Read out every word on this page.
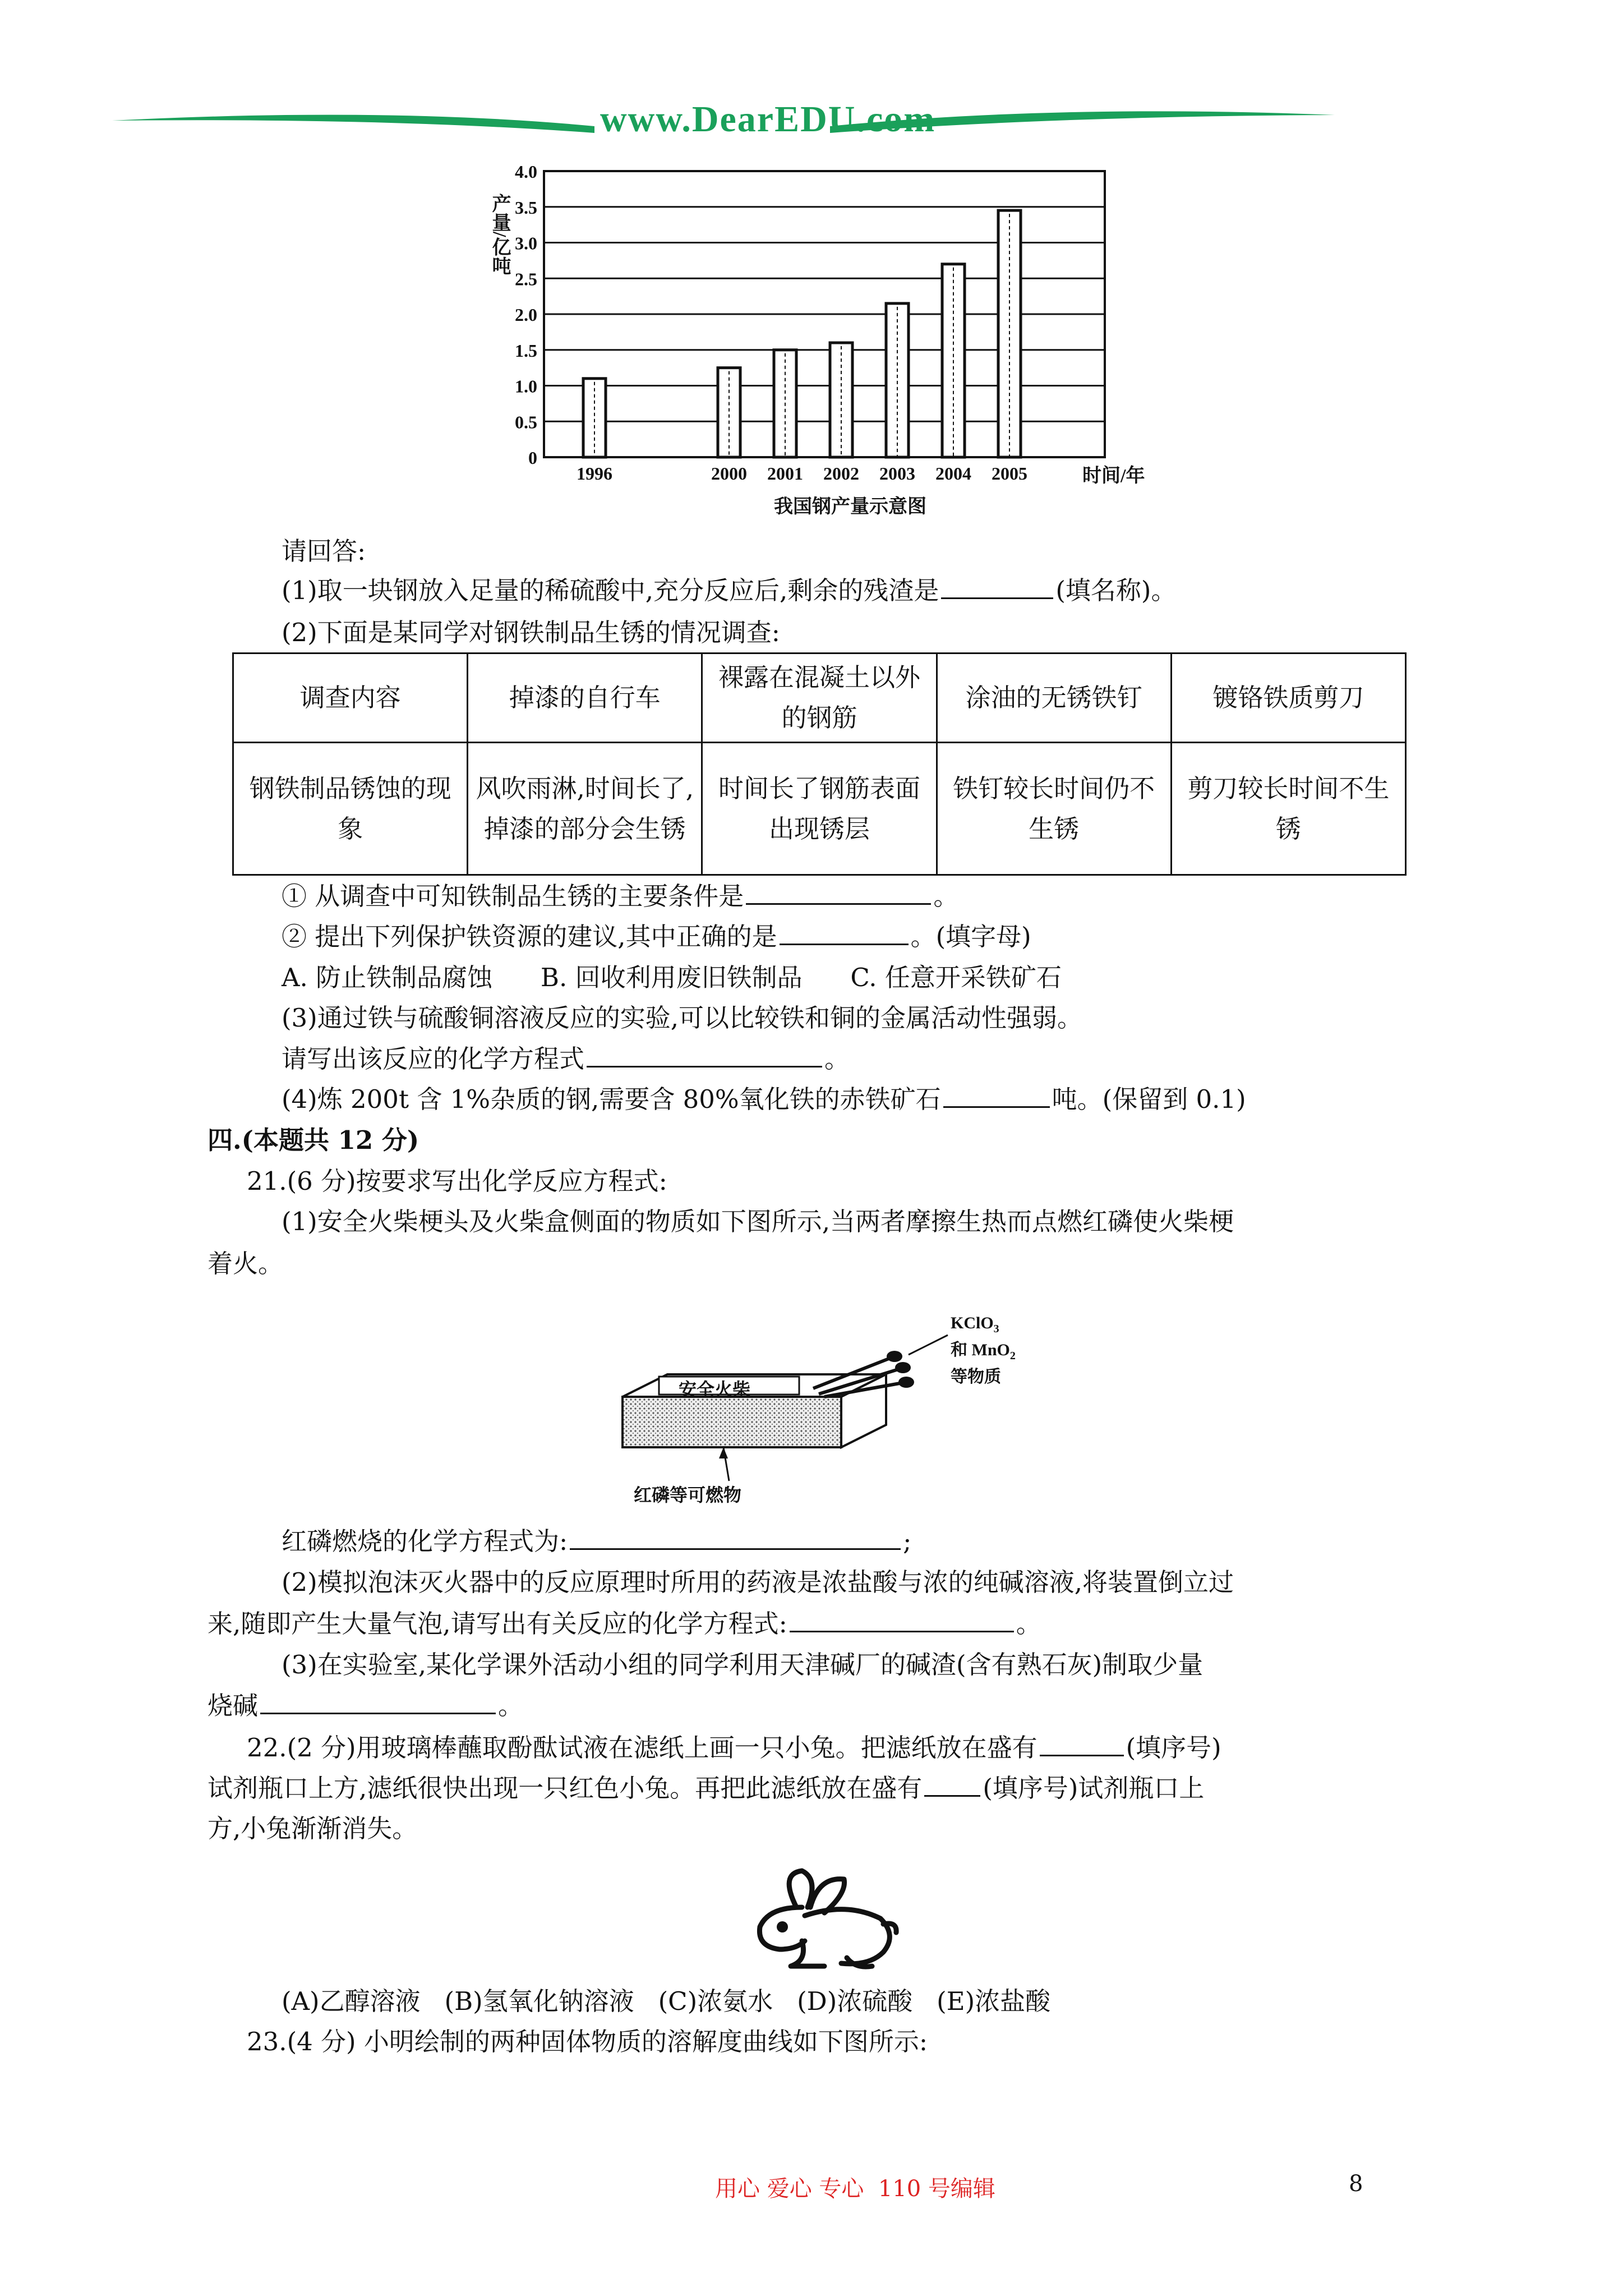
www.DearEDU.com
0
0.5
1.0
1.5
2.0
2.5
3.0
3.5
4.0
1996	2000 2001 2002 2003 2004 2005
产量/亿吨
时间/年
我国钢产量示意图
请回答:
(1)取一块钢放入足量的稀硫酸中,充分反应后,剩余的残渣是	(填名称)。
(2)下面是某同学对钢铁制品生锈的情况调查:
调查内容	掉漆的自行车	裸露在混凝土以外的钢筋	涂油的无锈铁钉	镀铬铁质剪刀
钢铁制品锈蚀的现象	风吹雨淋,时间长了,掉漆的部分会生锈	时间长了钢筋表面出现锈层	铁钉较长时间仍不生锈	剪刀较长时间不生锈
① 从调查中可知铁制品生锈的主要条件是	。
② 提出下列保护铁资源的建议,其中正确的是	。(填字母)
A. 防止铁制品腐蚀      B. 回收利用废旧铁制品      C. 任意开采铁矿石
(3)通过铁与硫酸铜溶液反应的实验,可以比较铁和铜的金属活动性强弱。
请写出该反应的化学方程式	。
(4)炼 200t 含 1%杂质的钢,需要含 80%氧化铁的赤铁矿石	吨。(保留到 0.1)
四.(本题共 12 分)
21.(6 分)按要求写出化学反应方程式:
(1)安全火柴梗头及火柴盒侧面的物质如下图所示,当两者摩擦生热而点燃红磷使火柴梗
着火。
安全火柴
KClO$_3$
和 MnO$_2$
等物质
红磷等可燃物
红磷燃烧的化学方程式为:	;
(2)模拟泡沫灭火器中的反应原理时所用的药液是浓盐酸与浓的纯碱溶液,将装置倒立过
来,随即产生大量气泡,请写出有关反应的化学方程式:	。
(3)在实验室,某化学课外活动小组的同学利用天津碱厂的碱渣(含有熟石灰)制取少量
烧碱	。
22.(2 分)用玻璃棒蘸取酚酞试液在滤纸上画一只小兔。把滤纸放在盛有	(填序号)
试剂瓶口上方,滤纸很快出现一只红色小兔。再把此滤纸放在盛有 (填序号)试剂瓶口上
方,小兔渐渐消失。
(A)乙醇溶液   (B)氢氧化钠溶液   (C)浓氨水   (D)浓硫酸   (E)浓盐酸
23.(4 分) 小明绘制的两种固体物质的溶解度曲线如下图所示:
用心 爱心 专心  110 号编辑	8
